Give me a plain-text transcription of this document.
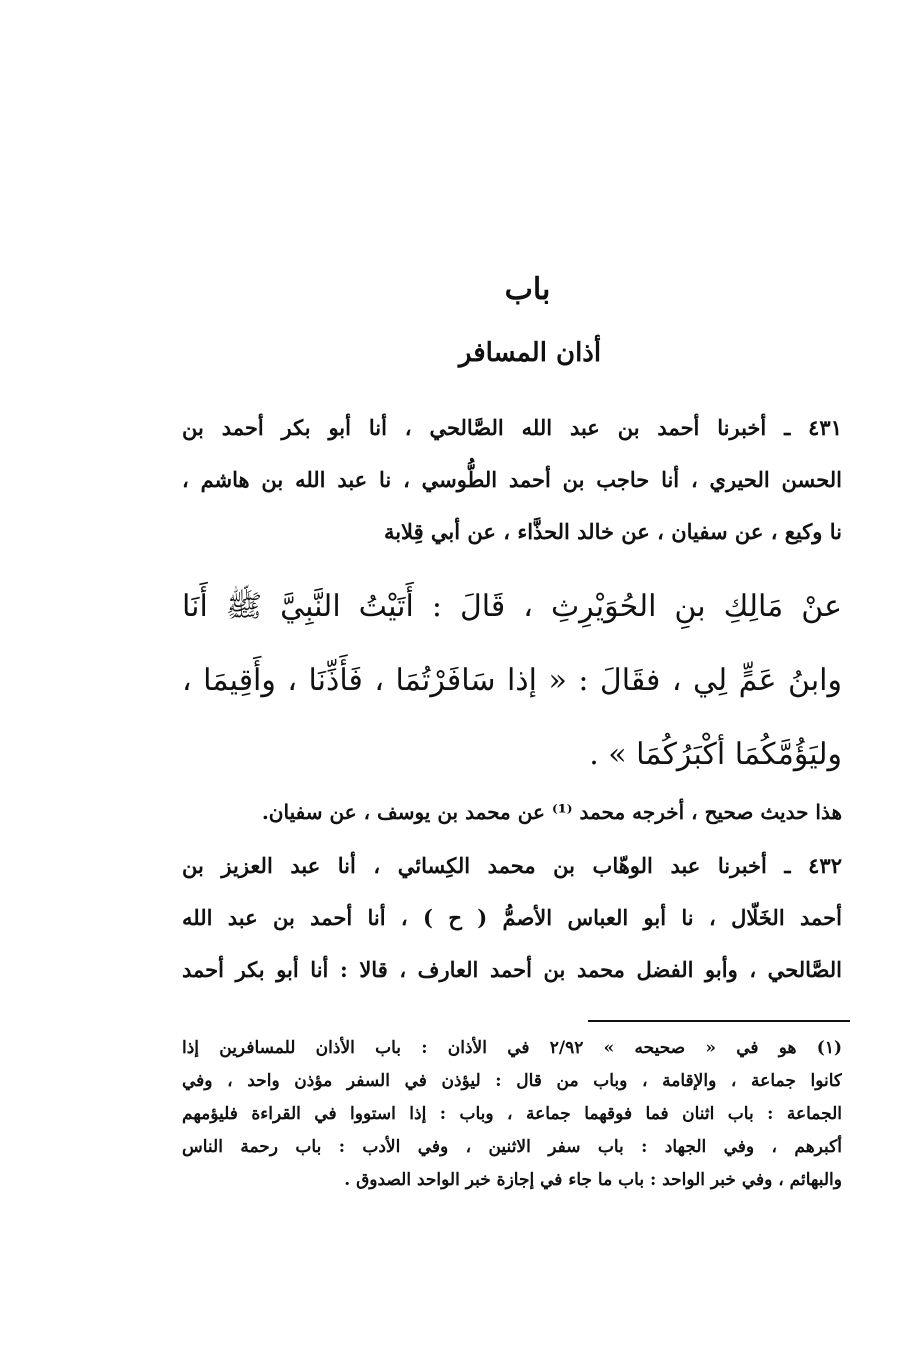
باب
أذان المسافر
٤٣١ ـ أخبرنا أحمد بن عبد الله الصَّالحي ، أنا أبو بكر أحمد بن
الحسن الحيري ، أنا حاجب بن أحمد الطُّوسي ، نا عبد الله بن هاشم ،
نا وكيع ، عن سفيان ، عن خالد الحذَّاء ، عن أبي قِلابة
عنْ مَالِكِ بنِ الحُوَيْرِثِ ، قَالَ : أَتَيْتُ النَّبِيَّ ﷺ أَنَا
وابنُ عَمٍّ لِي ، فقَالَ : « إذا سَافَرْتُمَا ، فَأَذِّنَا ، وأَقِيمَا ،
وليَؤُمَّكُمَا أكْبَرُكُمَا » .
هذا حديث صحيح ، أخرجه محمد ⁽¹⁾ عن محمد بن يوسف ، عن سفيان.
٤٣٢ ـ أخبرنا عبد الوهّاب بن محمد الكِسائي ، أنا عبد العزيز بن
أحمد الخَلّال ، نا أبو العباس الأصمُّ ( ح ) ، أنا أحمد بن عبد الله
الصَّالحي ، وأبو الفضل محمد بن أحمد العارف ، قالا : أنا أبو بكر أحمد
(١) هو في « صحيحه » ٢/٩٢ في الأذان : باب الأذان للمسافرين إذا
كانوا جماعة ، والإقامة ، وباب من قال : ليؤذن في السفر مؤذن واحد ، وفي
الجماعة : باب اثنان فما فوقهما جماعة ، وباب : إذا استووا في القراءة فليؤمهم
أكبرهم ، وفي الجهاد : باب سفر الاثنين ، وفي الأدب : باب رحمة الناس
والبهائم ، وفي خبر الواحد : باب ما جاء في إجازة خبر الواحد الصدوق .
